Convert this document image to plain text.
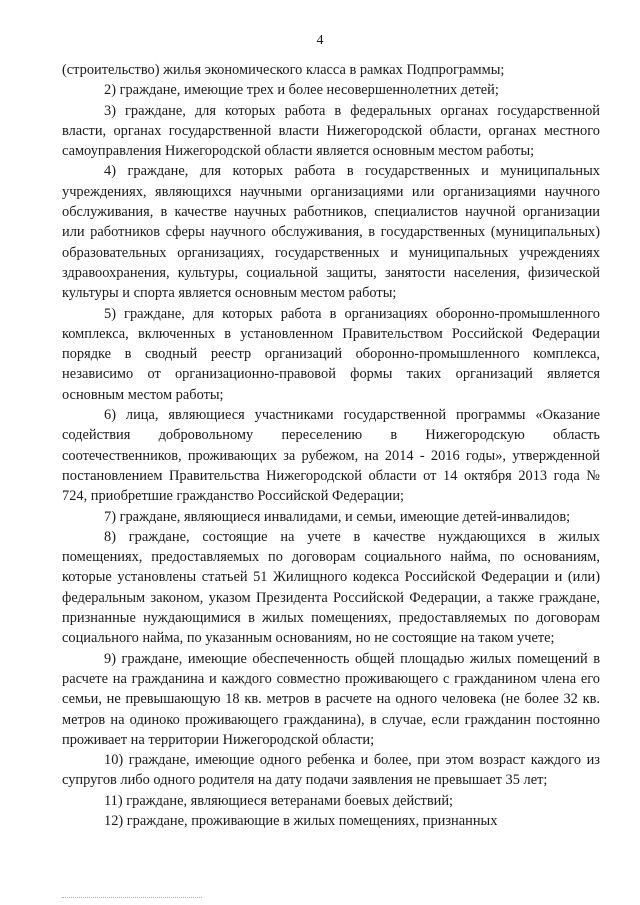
4

(строительство) жилья экономического класса в рамках Подпрограммы;

2) граждане, имеющие трех и более несовершеннолетних детей;

3) граждане, для которых работа в федеральных органах государственной власти, органах государственной власти Нижегородской области, органах местного самоуправления Нижегородской области является основным местом работы;

4) граждане, для которых работа в государственных и муниципальных учреждениях, являющихся научными организациями или организациями научного обслуживания, в качестве научных работников, специалистов научной организации или работников сферы научного обслуживания, в государственных (муниципальных) образовательных организациях, государственных и муниципальных учреждениях здравоохранения, культуры, социальной защиты, занятости населения, физической культуры и спорта является основным местом работы;

5) граждане, для которых работа в организациях оборонно-промышленного комплекса, включенных в установленном Правительством Российской Федерации порядке в сводный реестр организаций оборонно-промышленного комплекса, независимо от организационно-правовой формы таких организаций является основным местом работы;

6) лица, являющиеся участниками государственной программы «Оказание содействия добровольному переселению в Нижегородскую область соотечественников, проживающих за рубежом, на 2014 - 2016 годы», утвержденной постановлением Правительства Нижегородской области от 14 октября 2013 года № 724, приобретшие гражданство Российской Федерации;

7) граждане, являющиеся инвалидами, и семьи, имеющие детей-инвалидов;

8) граждане, состоящие на учете в качестве нуждающихся в жилых помещениях, предоставляемых по договорам социального найма, по основаниям, которые установлены статьей 51 Жилищного кодекса Российской Федерации и (или) федеральным законом, указом Президента Российской Федерации, а также граждане, признанные нуждающимися в жилых помещениях, предоставляемых по договорам социального найма, по указанным основаниям, но не состоящие на таком учете;

9) граждане, имеющие обеспеченность общей площадью жилых помещений в расчете на гражданина и каждого совместно проживающего с гражданином члена его семьи, не превышающую 18 кв. метров в расчете на одного человека (не более 32 кв. метров на одиноко проживающего гражданина), в случае, если гражданин постоянно проживает на территории Нижегородской области;

10) граждане, имеющие одного ребенка и более, при этом возраст каждого из супругов либо одного родителя на дату подачи заявления не превышает 35 лет;

11) граждане, являющиеся ветеранами боевых действий;

12) граждане, проживающие в жилых помещениях, признанных
